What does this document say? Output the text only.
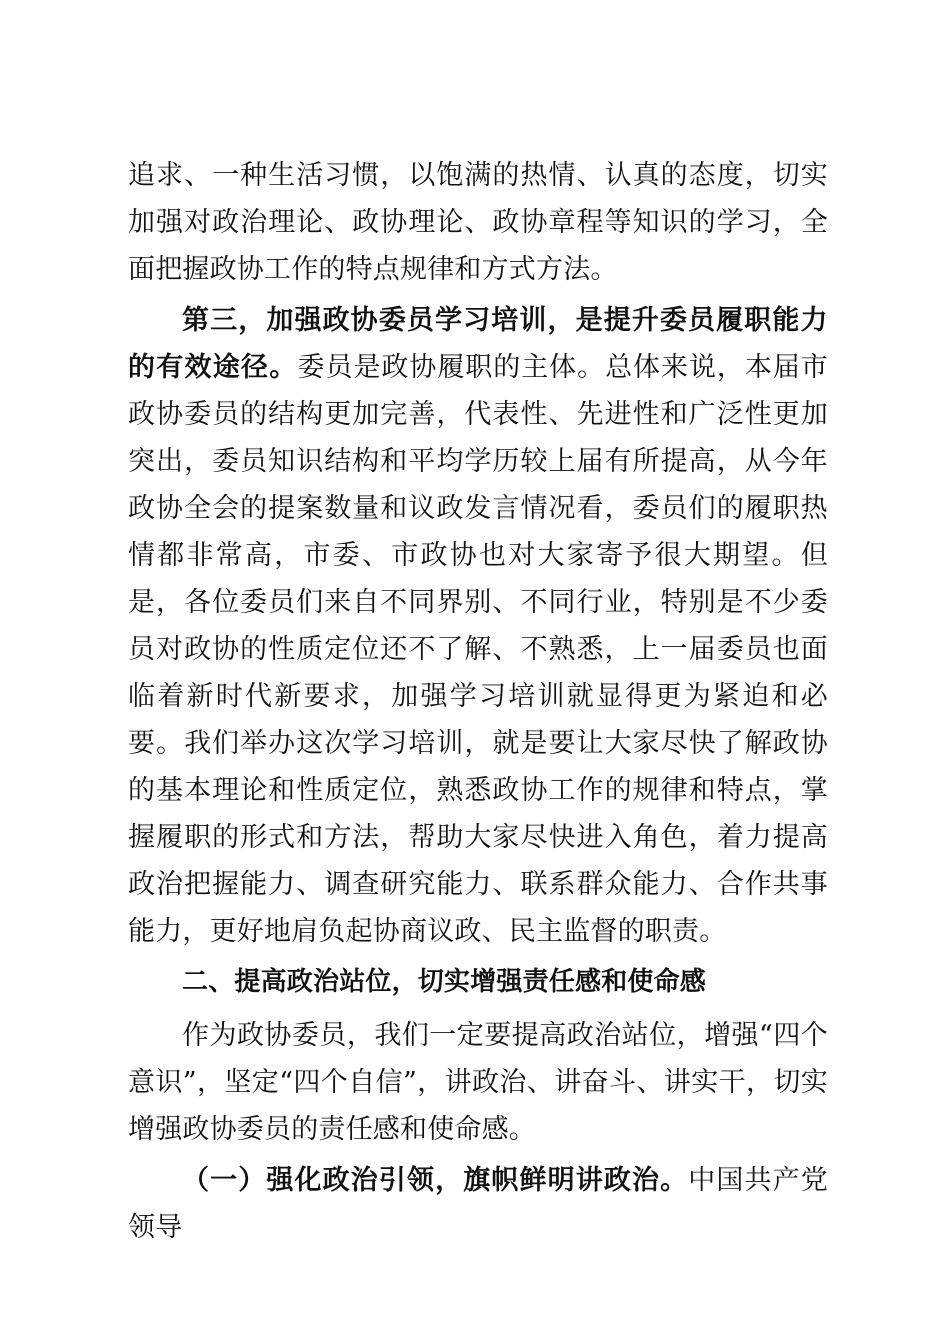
追求、一种生活习惯，以饱满的热情、认真的态度，切实加强对政治理论、政协理论、政协章程等知识的学习，全面把握政协工作的特点规律和方式方法。

第三，加强政协委员学习培训，是提升委员履职能力的有效途径。委员是政协履职的主体。总体来说，本届市政协委员的结构更加完善，代表性、先进性和广泛性更加突出，委员知识结构和平均学历较上届有所提高，从今年政协全会的提案数量和议政发言情况看，委员们的履职热情都非常高，市委、市政协也对大家寄予很大期望。但是，各位委员们来自不同界别、不同行业，特别是不少委员对政协的性质定位还不了解、不熟悉，上一届委员也面临着新时代新要求，加强学习培训就显得更为紧迫和必要。我们举办这次学习培训，就是要让大家尽快了解政协的基本理论和性质定位，熟悉政协工作的规律和特点，掌握履职的形式和方法，帮助大家尽快进入角色，着力提高政治把握能力、调查研究能力、联系群众能力、合作共事能力，更好地肩负起协商议政、民主监督的职责。

二、提高政治站位，切实增强责任感和使命感

作为政协委员，我们一定要提高政治站位，增强“四个意识”，坚定“四个自信”，讲政治、讲奋斗、讲实干，切实增强政协委员的责任感和使命感。

（一）强化政治引领，旗帜鲜明讲政治。中国共产党领导
